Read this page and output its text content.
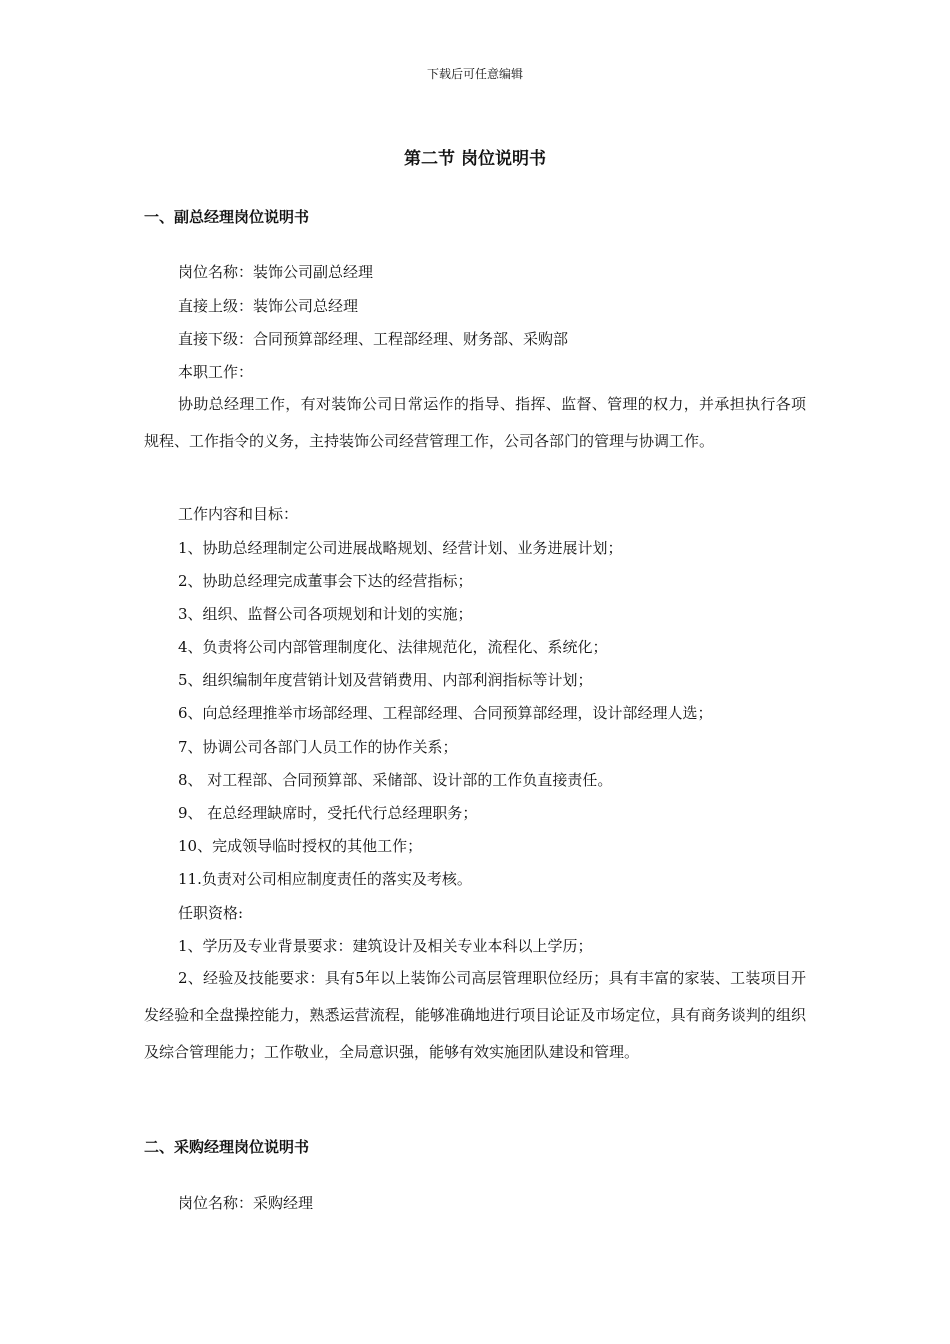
下载后可任意编辑
第二节 岗位说明书
一、副总经理岗位说明书
岗位名称：装饰公司副总经理
直接上级：装饰公司总经理
直接下级：合同预算部经理、工程部经理、财务部、采购部
本职工作：
协助总经理工作，有对装饰公司日常运作的指导、指挥、监督、管理的权力，并承担执行各项规程、工作指令的义务，主持装饰公司经营管理工作，公司各部门的管理与协调工作。
工作内容和目标：
1、协助总经理制定公司进展战略规划、经营计划、业务进展计划；
2、协助总经理完成董事会下达的经营指标；
3、组织、监督公司各项规划和计划的实施；
4、负责将公司内部管理制度化、法律规范化，流程化、系统化；
5、组织编制年度营销计划及营销费用、内部利润指标等计划；
6、向总经理推举市场部经理、工程部经理、合同预算部经理，设计部经理人选；
7、协调公司各部门人员工作的协作关系；
8、 对工程部、合同预算部、采储部、设计部的工作负直接责任。
9、 在总经理缺席时，受托代行总经理职务；
10、完成领导临时授权的其他工作；
11.负责对公司相应制度责任的落实及考核。
任职资格:
1、学历及专业背景要求：建筑设计及相关专业本科以上学历；
2、经验及技能要求：具有5年以上装饰公司高层管理职位经历；具有丰富的家装、工装项目开发经验和全盘操控能力，熟悉运营流程，能够准确地进行项目论证及市场定位，具有商务谈判的组织及综合管理能力；工作敬业，全局意识强，能够有效实施团队建设和管理。
二、采购经理岗位说明书
岗位名称：采购经理
